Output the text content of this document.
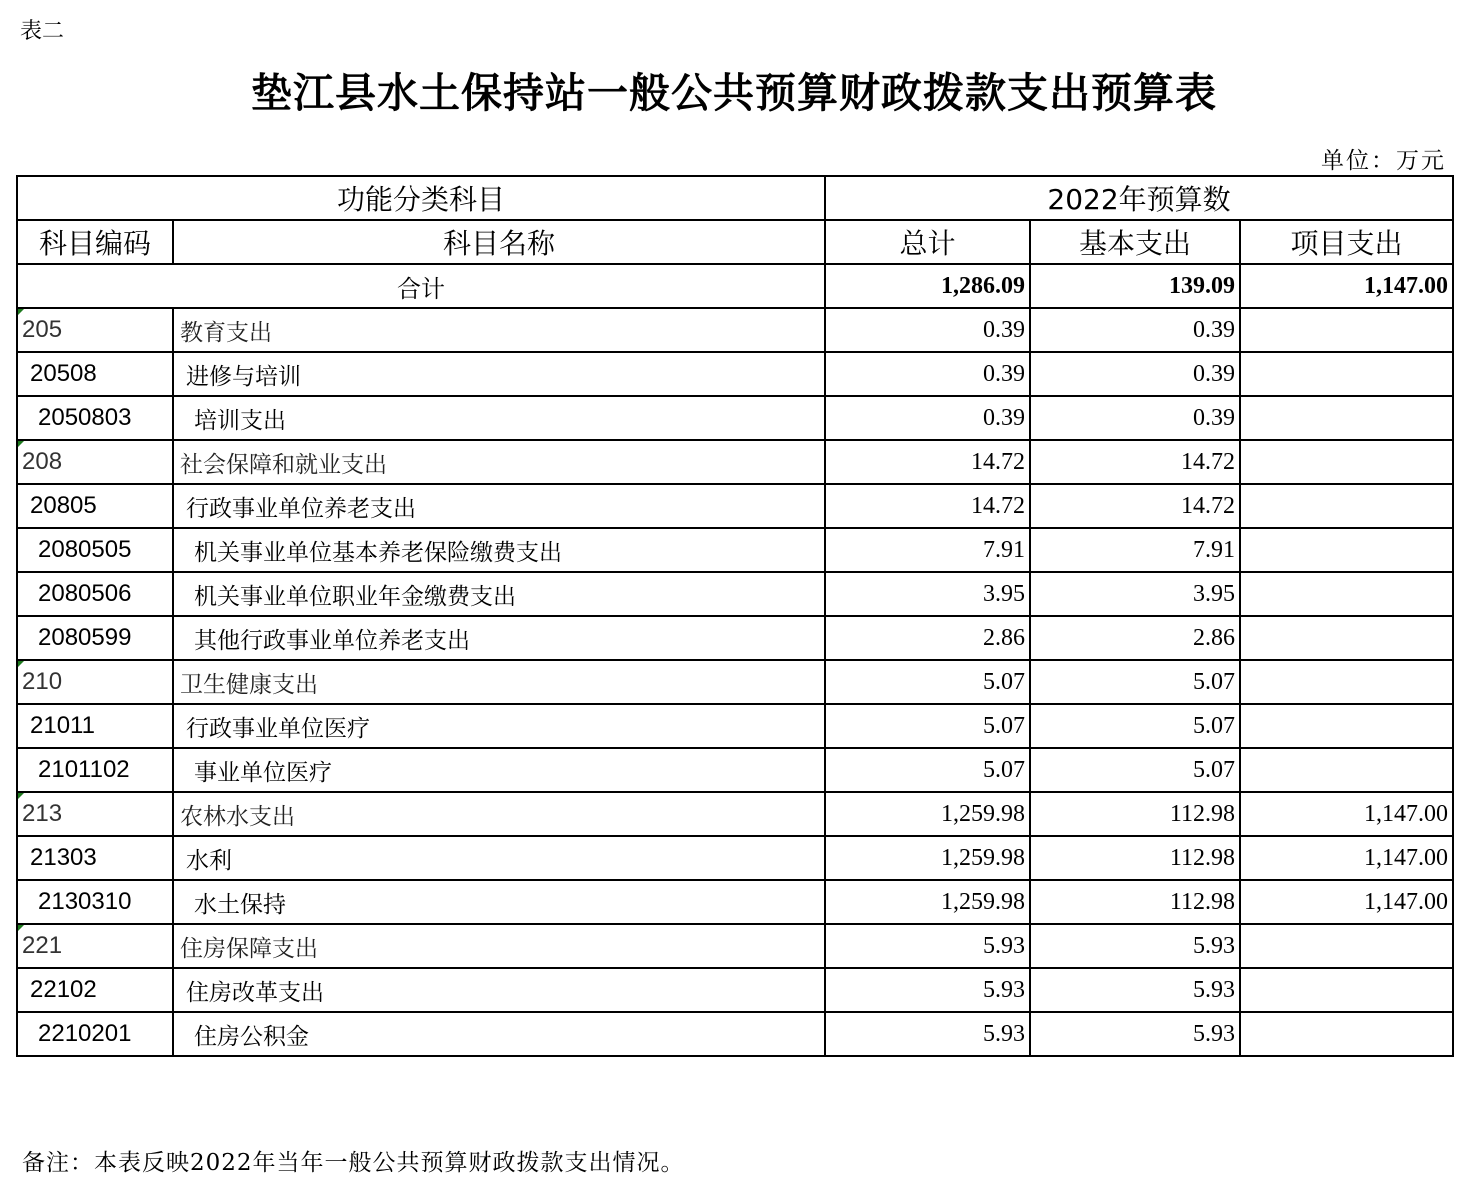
表二
垫江县水土保持站一般公共预算财政拨款支出预算表
单位：万元
功能分类科目		2022年预算数		
科目编码	科目名称	总计	基本支出	项目支出
合计		1,286.09	139.09	1,147.00

205	教育支出	0.39	0.39	
20508	进修与培训	0.39	0.39	
2050803	培训支出	0.39	0.39	

208	社会保障和就业支出	14.72	14.72	
20805	行政事业单位养老支出	14.72	14.72	
2080505	机关事业单位基本养老保险缴费支出	7.91	7.91	
2080506	机关事业单位职业年金缴费支出	3.95	3.95	
2080599	其他行政事业单位养老支出	2.86	2.86	

210	卫生健康支出	5.07	5.07	
21011	行政事业单位医疗	5.07	5.07	
2101102	事业单位医疗	5.07	5.07	

213	农林水支出	1,259.98	112.98	1,147.00
21303	水利	1,259.98	112.98	1,147.00
2130310	水土保持	1,259.98	112.98	1,147.00

221	住房保障支出	5.93	5.93	
22102	住房改革支出	5.93	5.93	
2210201	住房公积金	5.93	5.93	
备注：本表反映2022年当年一般公共预算财政拨款支出情况。
